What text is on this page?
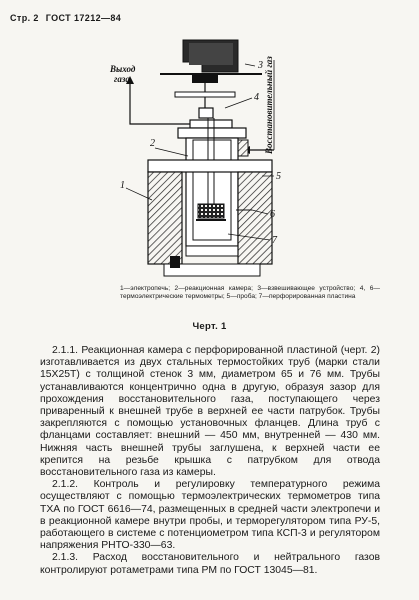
Стр. 2 ГОСТ 17212—84
Выход
газа	Восстановительный газ
3
4
2
1
5
6
7
1—электропечь; 2—реакционная камера; 3—взвешивающее устройство; 4, 6—термоэлектрические термометры; 5—проба; 7—перфорированная пластина
Черт. 1

2.1.1. Реакционная камера с перфорированной пластиной (черт. 2) изготавливается из двух стальных термостойких труб (марки стали 15Х25Т) с толщиной стенок 3 мм, диаметром 65 и 76 мм. Трубы устанавливаются концентрично одна в другую, образуя зазор для прохождения восстановительного газа, поступающего через приваренный к внешней трубе в верхней ее части патрубок. Трубы закрепляются с помощью установочных фланцев. Длина труб с фланцами составляет: внешний — 450 мм, внутренней — 430 мм. Нижняя часть внешней трубы заглушена, к верхней части ее крепится на резьбе крышка с патрубком для отвода восстановительного газа из камеры.

2.1.2. Контроль и регулировку температурного режима осуществляют с помощью термоэлектрических термометров типа ТХА по ГОСТ 6616—74, размещенных в средней части электропечи и в реакционной камере внутри пробы, и терморегулятором типа РУ-5, работающего в системе с потенциометром типа КСП-3 и регулятором напряжения РНТО-330—63.

2.1.3. Расход восстановительного и нейтрального газов контролируют ротаметрами типа РМ по ГОСТ 13045—81.
